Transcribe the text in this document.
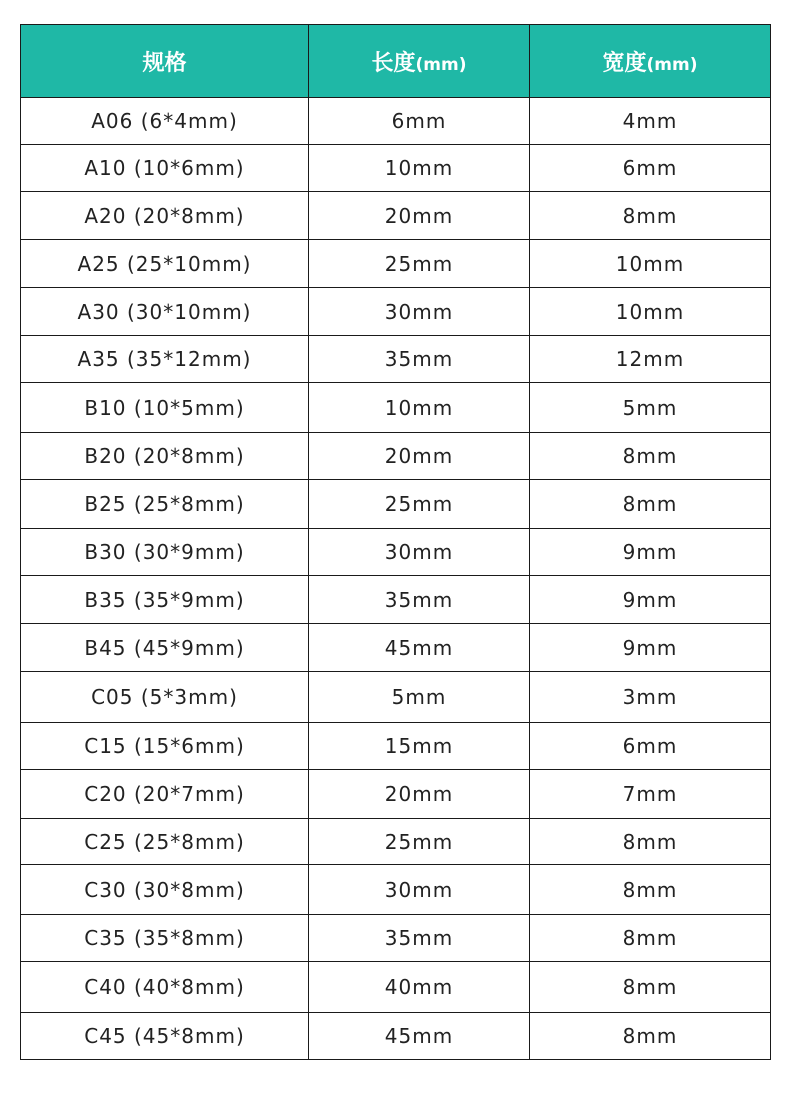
规格	长度(mm)	宽度(mm)
A06 (6*4mm)	6mm	4mm
A10 (10*6mm)	10mm	6mm
A20 (20*8mm)	20mm	8mm
A25 (25*10mm)	25mm	10mm
A30 (30*10mm)	30mm	10mm
A35 (35*12mm)	35mm	12mm
B10 (10*5mm)	10mm	5mm
B20 (20*8mm)	20mm	8mm
B25 (25*8mm)	25mm	8mm
B30 (30*9mm)	30mm	9mm
B35 (35*9mm)	35mm	9mm
B45 (45*9mm)	45mm	9mm
C05 (5*3mm)	5mm	3mm
C15 (15*6mm)	15mm	6mm
C20 (20*7mm)	20mm	7mm
C25 (25*8mm)	25mm	8mm
C30 (30*8mm)	30mm	8mm
C35 (35*8mm)	35mm	8mm
C40 (40*8mm)	40mm	8mm
C45 (45*8mm)	45mm	8mm
